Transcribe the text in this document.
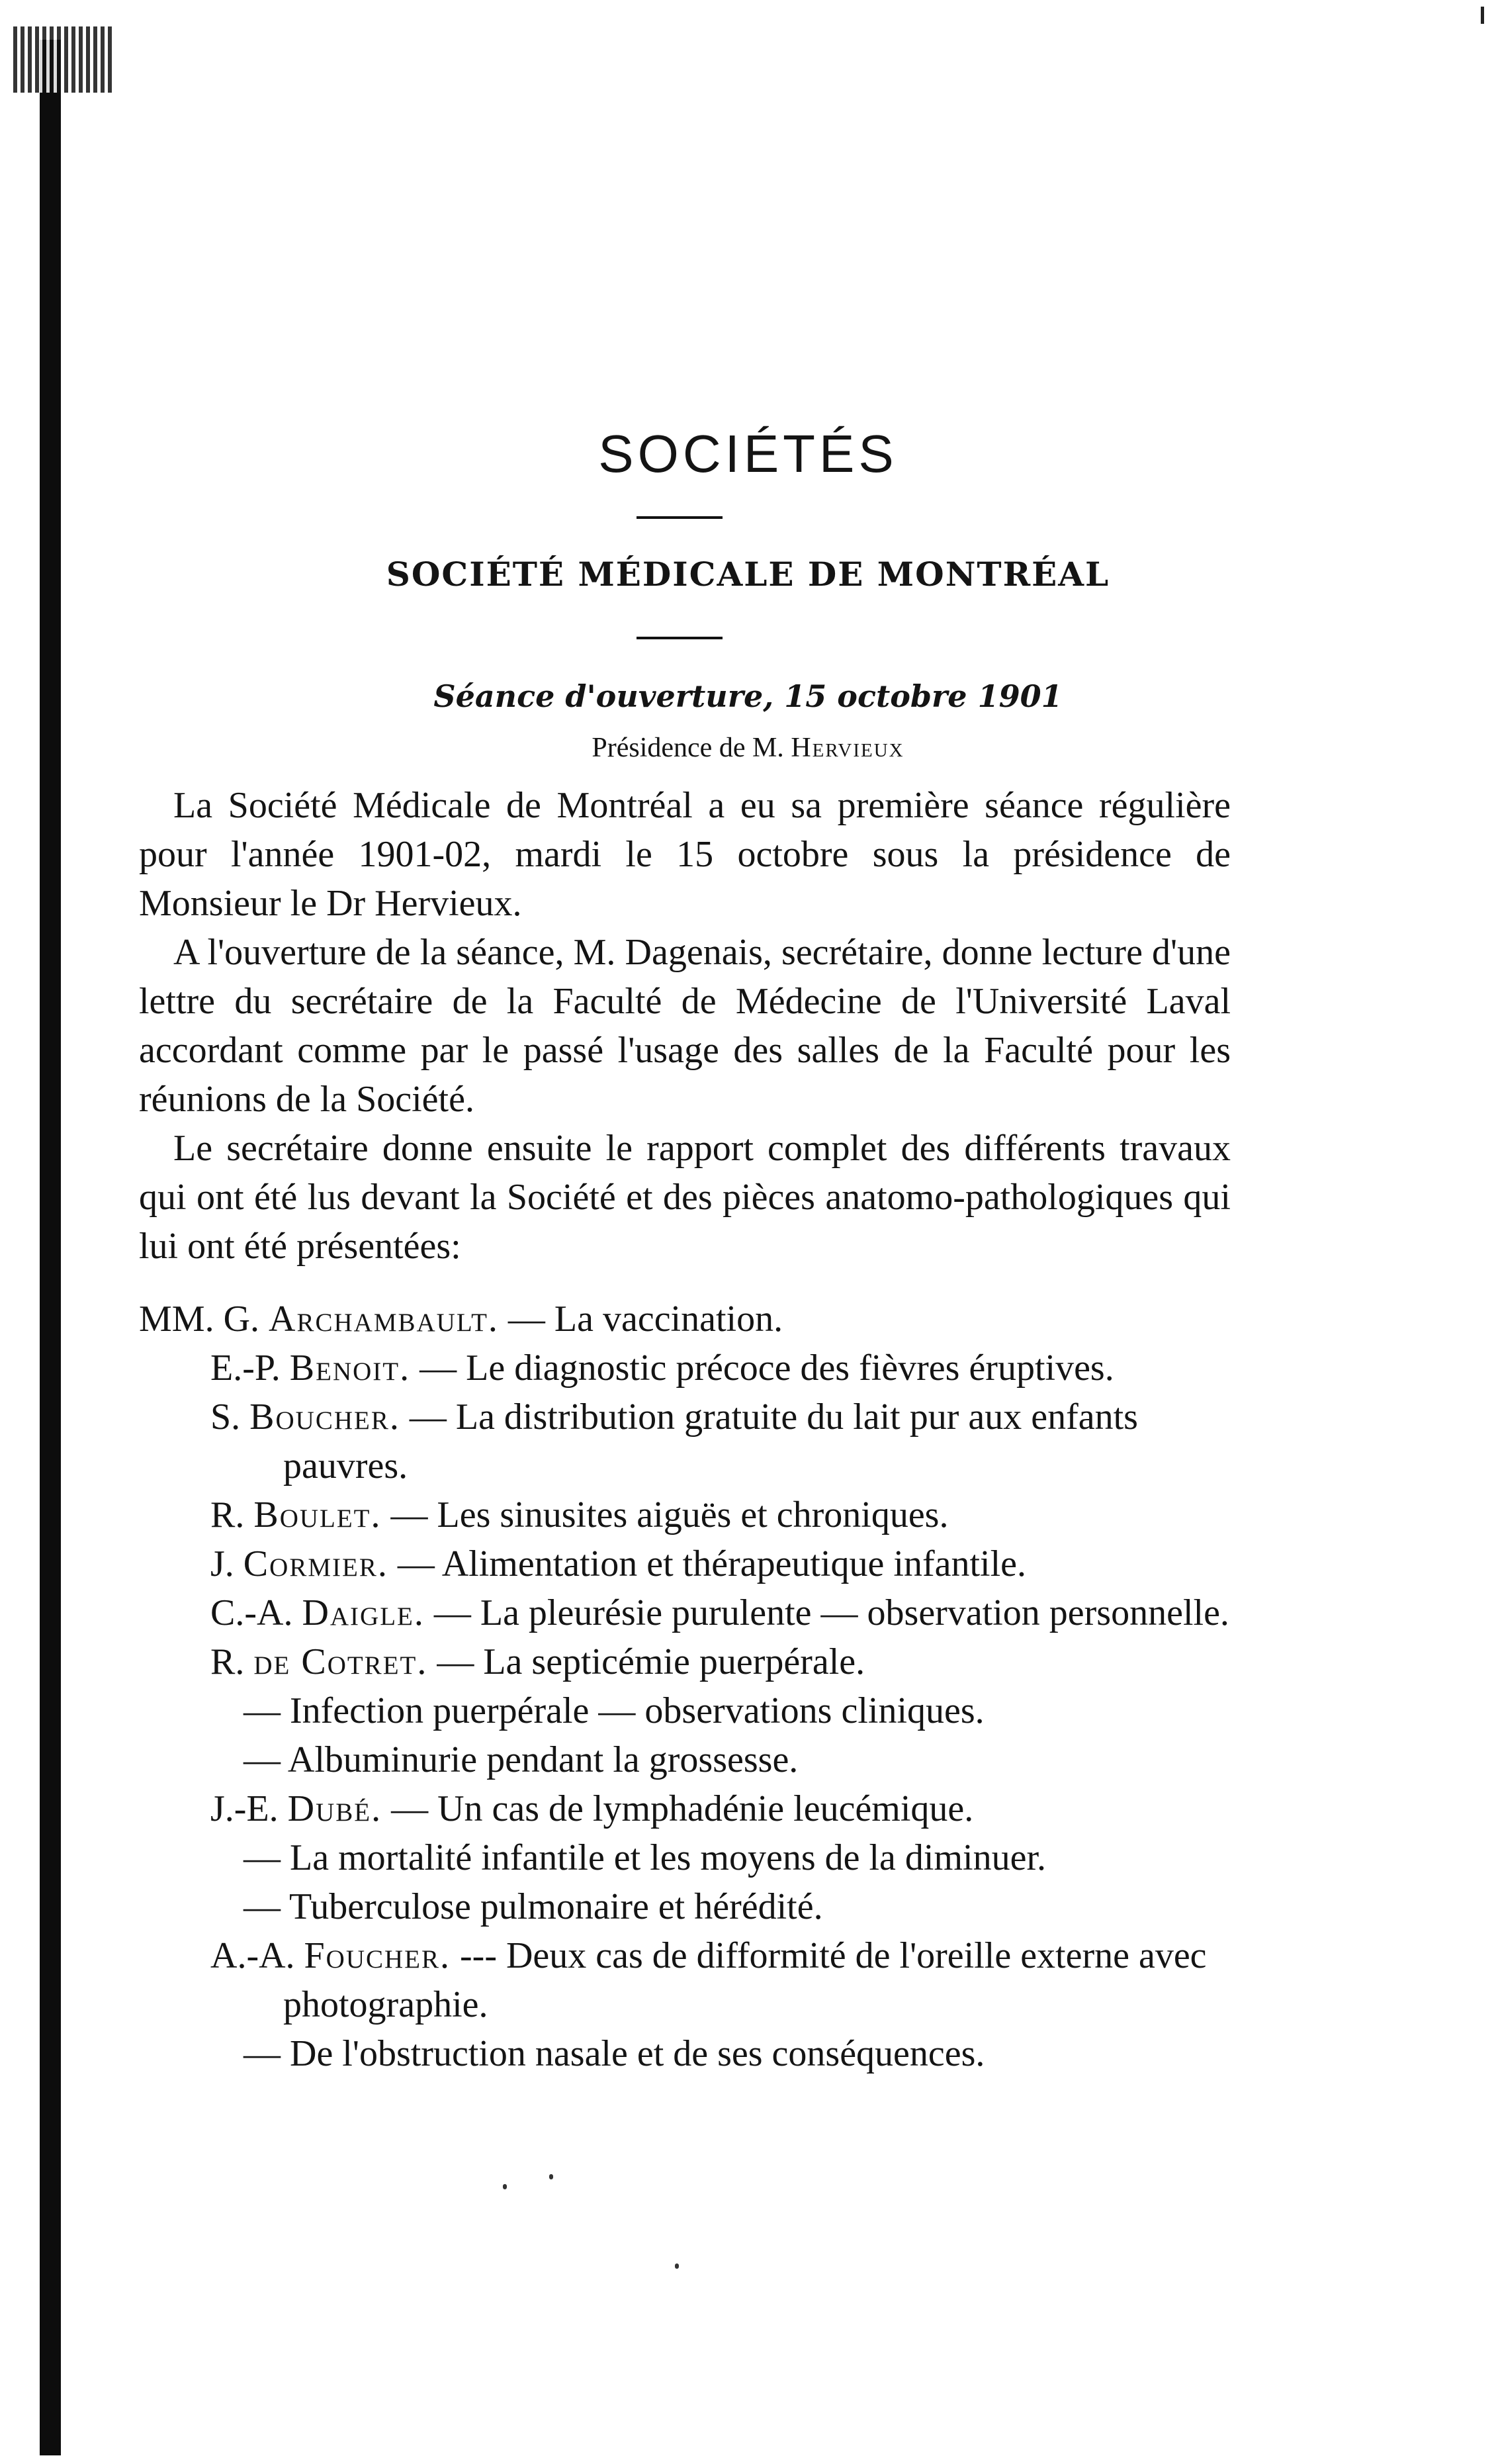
SOCIÉTÉS
SOCIÉTÉ MÉDICALE DE MONTRÉAL
Séance d'ouverture, 15 octobre 1901
Présidence de M. Hervieux

La Société Médicale de Montréal a eu sa première séance régulière pour l'année 1901-02, mardi le 15 octobre sous la présidence de Monsieur le Dr Hervieux.

A l'ouverture de la séance, M. Dagenais, secrétaire, donne lecture d'une lettre du secrétaire de la Faculté de Médecine de l'Université Laval accordant comme par le passé l'usage des salles de la Faculté pour les réunions de la Société.

Le secrétaire donne ensuite le rapport complet des différents travaux qui ont été lus devant la Société et des pièces anatomo-pathologiques qui lui ont été présentées:

MM. G. Archambault. — La vaccination.

E.-P. Benoit. — Le diagnostic précoce des fièvres éruptives.

S. Boucher. — La distribution gratuite du lait pur aux enfants pauvres.

R. Boulet. — Les sinusites aiguës et chroniques.

J. Cormier. — Alimentation et thérapeutique infantile.

C.-A. Daigle. — La pleurésie purulente — observation personnelle.

R. de Cotret. — La septicémie puerpérale.

— Infection puerpérale — observations cliniques.

— Albuminurie pendant la grossesse.

J.-E. Dubé. — Un cas de lymphadénie leucémique.

— La mortalité infantile et les moyens de la diminuer.

— Tuberculose pulmonaire et hérédité.

A.-A. Foucher. --- Deux cas de difformité de l'oreille externe avec photographie.

— De l'obstruction nasale et de ses conséquences.
